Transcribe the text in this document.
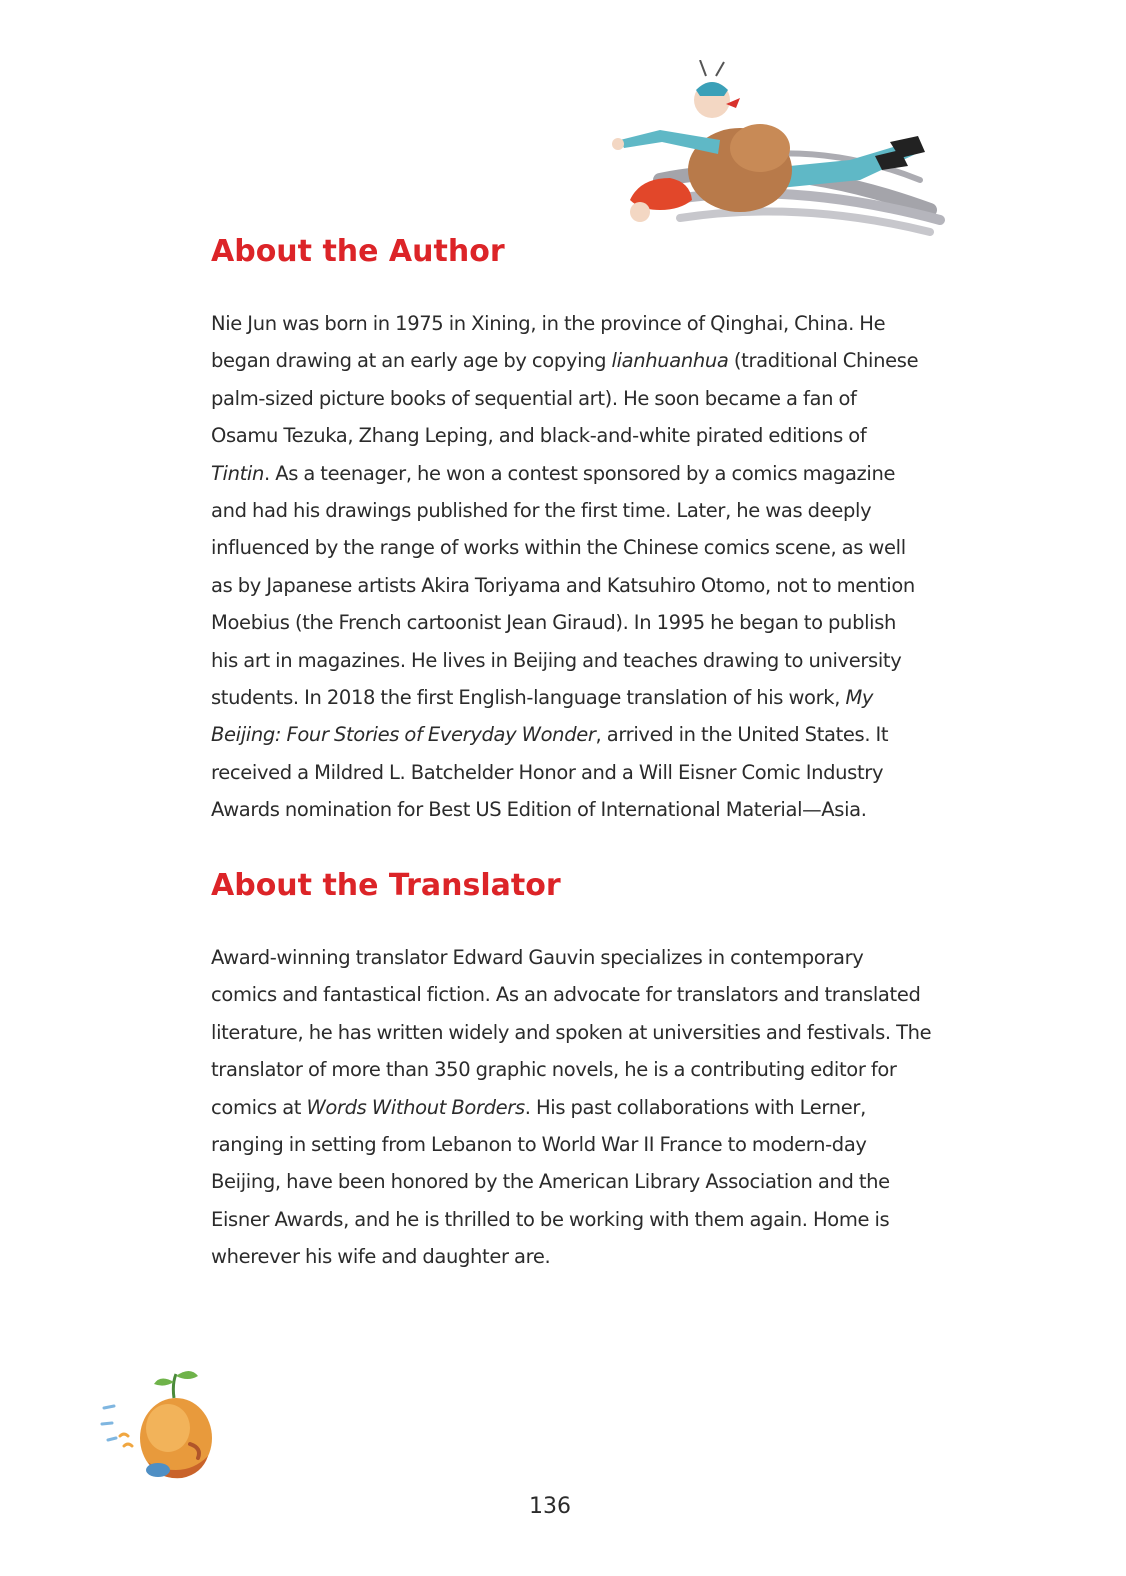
About the Author

Nie Jun was born in 1975 in Xining, in the province of Qinghai, China. He
began drawing at an early age by copying lianhuanhua (traditional Chinese
palm-sized picture books of sequential art). He soon became a fan of
Osamu Tezuka, Zhang Leping, and black-and-white pirated editions of
Tintin. As a teenager, he won a contest sponsored by a comics magazine
and had his drawings published for the first time. Later, he was deeply
influenced by the range of works within the Chinese comics scene, as well
as by Japanese artists Akira Toriyama and Katsuhiro Otomo, not to mention
Moebius (the French cartoonist Jean Giraud). In 1995 he began to publish
his art in magazines. He lives in Beijing and teaches drawing to university
students. In 2018 the first English-language translation of his work, My
Beijing: Four Stories of Everyday Wonder, arrived in the United States. It
received a Mildred L. Batchelder Honor and a Will Eisner Comic Industry
Awards nomination for Best US Edition of International Material—Asia.

About the Translator

Award-winning translator Edward Gauvin specializes in contemporary
comics and fantastical fiction. As an advocate for translators and translated
literature, he has written widely and spoken at universities and festivals. The
translator of more than 350 graphic novels, he is a contributing editor for
comics at Words Without Borders. His past collaborations with Lerner,
ranging in setting from Lebanon to World War II France to modern-day
Beijing, have been honored by the American Library Association and the
Eisner Awards, and he is thrilled to be working with them again. Home is
wherever his wife and daughter are.

136
